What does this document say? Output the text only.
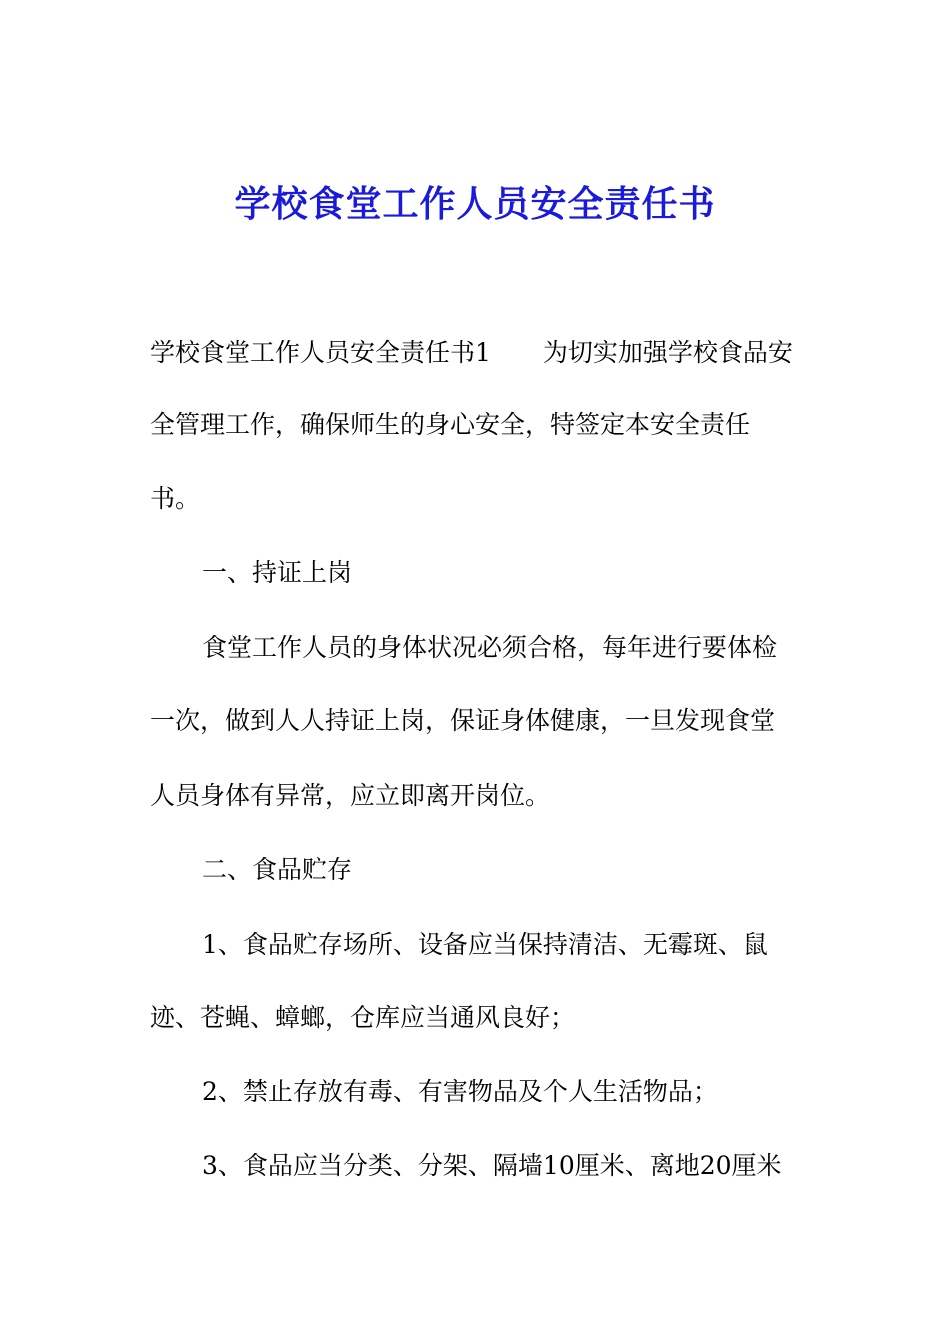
学校食堂工作人员安全责任书
学校食堂工作人员安全责任书1 为切实加强学校食品安
全管理工作，确保师生的身心安全，特签定本安全责任
书。
一、持证上岗
食堂工作人员的身体状况必须合格，每年进行要体检
一次，做到人人持证上岗，保证身体健康，一旦发现食堂
人员身体有异常，应立即离开岗位。
二、食品贮存
1、食品贮存场所、设备应当保持清洁、无霉斑、鼠
迹、苍蝇、蟑螂，仓库应当通风良好；
2、禁止存放有毒、有害物品及个人生活物品；
3、食品应当分类、分架、隔墙10厘米、离地20厘米
